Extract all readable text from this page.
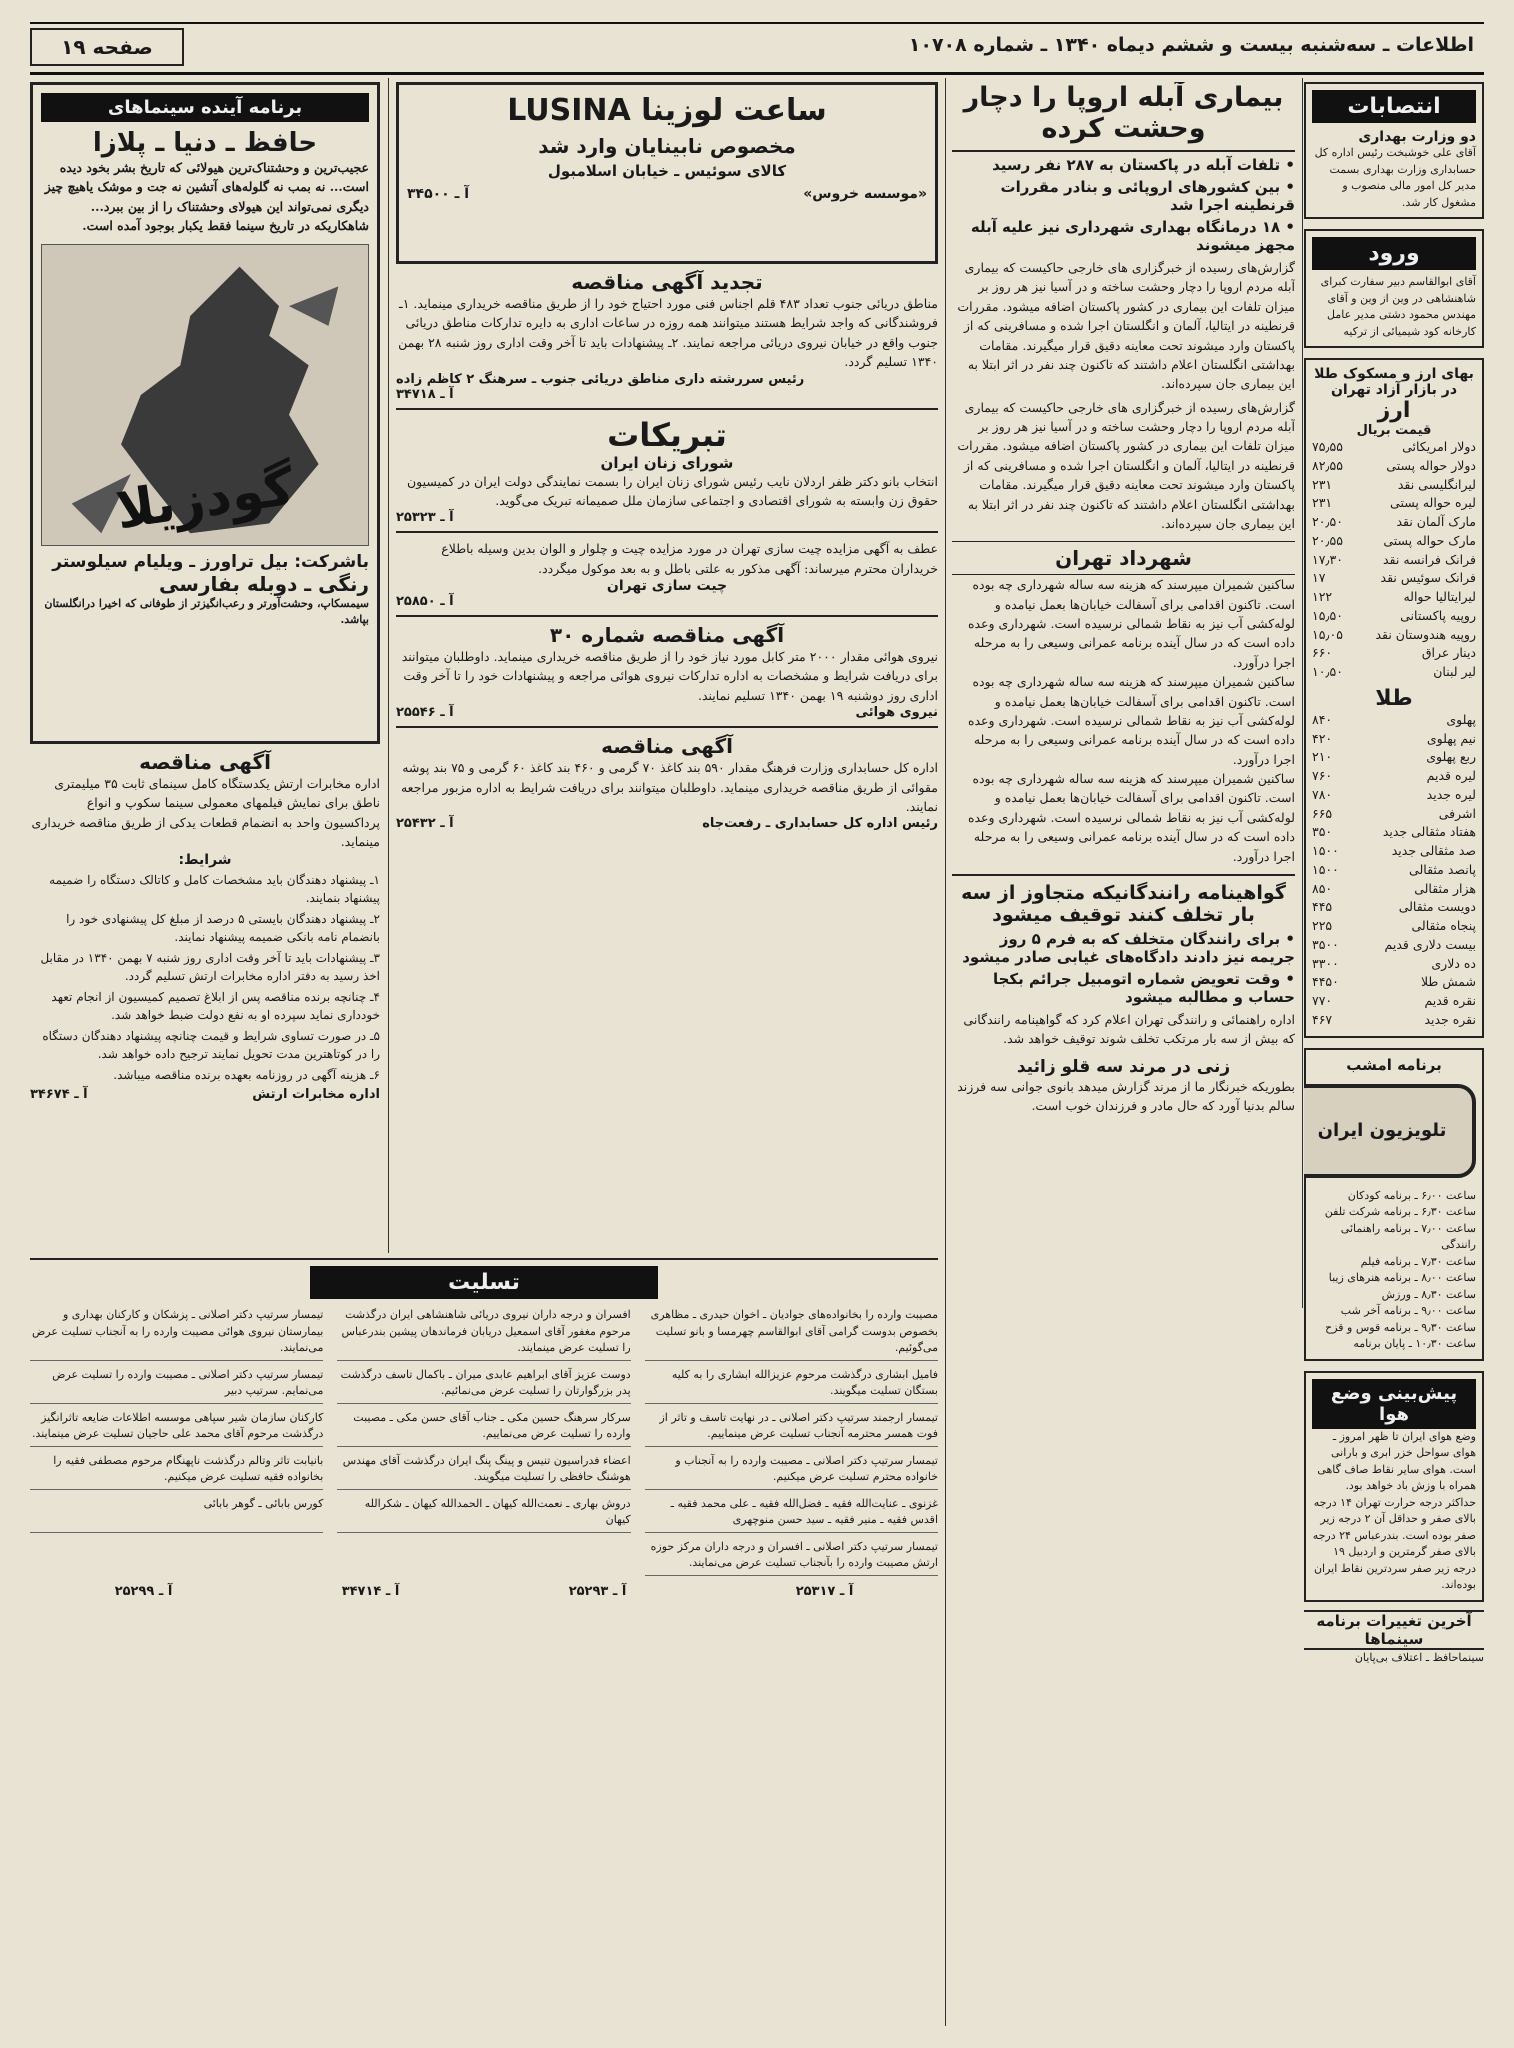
اطلاعات ـ سه‌شنبه بیست و ششم دیماه ۱۳۴۰ ـ شماره ۱۰۷۰۸
صفحه ۱۹
انتصابات
دو وزارت بهداری
آقای علی خوشبخت رئیس اداره کل حسابداری وزارت بهداری بسمت مدیر کل امور مالی منصوب و مشغول کار شد.
ورود
آقای ابوالقاسم دبیر سفارت کبرای شاهنشاهی در وین از وین و آقای مهندس محمود دشتی مدیر عامل کارخانه کود شیمیائی از ترکیه
بهای ارز و مسکوک طلا در بازار آزاد تهران
ارز
قیمت بریال
دولار امریکائی
۷۵٫۵۵
دولار حواله پستی
۸۲٫۵۵
لیرانگلیسی نقد
۲۳۱
لیره حواله پستی
۲۳۱
مارک آلمان نقد
۲۰٫۵۰
مارک حواله پستی
۲۰٫۵۵
فرانک فرانسه نقد
۱۷٫۳۰
فرانک سوئیس نقد
۱۷
لیرایتالیا حواله
۱۲۲
روپیه پاکستانی
۱۵٫۵۰
روپیه هندوستان نقد
۱۵٫۰۵
دینار عراق
۶۶۰
لیر لبنان
۱۰٫۵۰
طلا
پهلوی
۸۴۰
نیم پهلوی
۴۲۰
ربع پهلوی
۲۱۰
لیره قدیم
۷۶۰
لیره جدید
۷۸۰
اشرفی
۶۶۵
هفتاد مثقالی جدید
۳۵۰
صد مثقالی جدید
۱۵۰۰
پانصد مثقالی
۱۵۰۰
هزار مثقالی
۸۵۰
دویست مثقالی
۴۴۵
پنجاه مثقالی
۲۲۵
بیست دلاری قدیم
۳۵۰۰
ده دلاری
۳۳۰۰
شمش طلا
۴۴۵۰
نقره قدیم
۷۷۰
نقره جدید
۴۶۷
برنامه امشب
تلویزیون ایران
ساعت ۶٫۰۰ ـ برنامه کودکان
ساعت ۶٫۳۰ ـ برنامه شرکت تلفن
ساعت ۷٫۰۰ ـ برنامه راهنمائی رانندگی
ساعت ۷٫۳۰ ـ برنامه فیلم
ساعت ۸٫۰۰ ـ برنامه هنرهای زیبا
ساعت ۸٫۳۰ ـ ورزش
ساعت ۹٫۰۰ ـ برنامه آخر شب
ساعت ۹٫۳۰ ـ برنامه قوس و قزح
ساعت ۱۰٫۳۰ ـ پایان برنامه
پیش‌بینی وضع هوا
وضع هوای ایران تا ظهر امروز ـ هوای سواحل خزر ابری و بارانی است. هوای سایر نقاط صاف گاهی همراه با وزش باد خواهد بود. حداکثر درجه حرارت تهران ۱۴ درجه بالای صفر و حداقل آن ۲ درجه زیر صفر بوده است. بندرعباس ۲۴ درجه بالای صفر گرمترین و اردبیل ۱۹ درجه زیر صفر سردترین نقاط ایران بوده‌اند.
آخرین تغییرات برنامه سینماها
سینماحافظ ـ اعتلاف بی‌پایان
بیماری آبله اروپا را دچار وحشت کرده
• تلفات آبله در پاکستان به ۲۸۷ نفر رسید
• بین کشورهای اروپائی و بنادر مقررات قرنطینه اجرا شد
• ۱۸ درمانگاه بهداری شهرداری نیز علیه آبله مجهز میشوند
گزارش‌های رسیده از خبرگزاری های خارجی حاکیست که بیماری آبله مردم اروپا را دچار وحشت ساخته و در آسیا نیز هر روز بر میزان تلفات این بیماری در کشور پاکستان اضافه میشود. مقررات قرنطینه در ایتالیا، آلمان و انگلستان اجرا شده و مسافرینی که از پاکستان وارد میشوند تحت معاینه دقیق قرار میگیرند. مقامات بهداشتی انگلستان اعلام داشتند که تاکنون چند نفر در اثر ابتلا به این بیماری جان سپرده‌اند.
گزارش‌های رسیده از خبرگزاری های خارجی حاکیست که بیماری آبله مردم اروپا را دچار وحشت ساخته و در آسیا نیز هر روز بر میزان تلفات این بیماری در کشور پاکستان اضافه میشود. مقررات قرنطینه در ایتالیا، آلمان و انگلستان اجرا شده و مسافرینی که از پاکستان وارد میشوند تحت معاینه دقیق قرار میگیرند. مقامات بهداشتی انگلستان اعلام داشتند که تاکنون چند نفر در اثر ابتلا به این بیماری جان سپرده‌اند.
شهرداد تهران
ساکنین شمیران میپرسند که هزینه سه ساله شهرداری چه بوده است. تاکنون اقدامی برای آسفالت خیابان‌ها بعمل نیامده و لوله‌کشی آب نیز به نقاط شمالی نرسیده است. شهرداری وعده داده است که در سال آینده برنامه عمرانی وسیعی را به مرحله اجرا درآورد.
ساکنین شمیران میپرسند که هزینه سه ساله شهرداری چه بوده است. تاکنون اقدامی برای آسفالت خیابان‌ها بعمل نیامده و لوله‌کشی آب نیز به نقاط شمالی نرسیده است. شهرداری وعده داده است که در سال آینده برنامه عمرانی وسیعی را به مرحله اجرا درآورد.
ساکنین شمیران میپرسند که هزینه سه ساله شهرداری چه بوده است. تاکنون اقدامی برای آسفالت خیابان‌ها بعمل نیامده و لوله‌کشی آب نیز به نقاط شمالی نرسیده است. شهرداری وعده داده است که در سال آینده برنامه عمرانی وسیعی را به مرحله اجرا درآورد.
گواهینامه رانندگانیکه متجاوز از سه بار تخلف کنند توقیف میشود
• برای رانندگان متخلف که به فرم ۵ روز جریمه نیز دادند دادگاه‌های غیابی صادر میشود
• وقت تعویض شماره اتومبیل جرائم بکجا حساب و مطالبه میشود
اداره راهنمائی و رانندگی تهران اعلام کرد که گواهینامه رانندگانی که بیش از سه بار مرتکب تخلف شوند توقیف خواهد شد.
زنی در مرند سه قلو زائید
بطوریکه خبرنگار ما از مرند گزارش میدهد بانوی جوانی سه فرزند سالم بدنیا آورد که حال مادر و فرزندان خوب است.
ساعت لوزینا LUSINA
مخصوص نابینایان وارد شد
کالای سوئیس ـ خیابان اسلامبول
«موسسه خروس»
آ ـ ۳۴۵۰۰
تجدید آگهی مناقصه
مناطق دریائی جنوب تعداد ۴۸۳ قلم اجناس فنی مورد احتیاج خود را از طریق مناقصه خریداری مینماید. ۱ـ فروشندگانی که واجد شرایط هستند میتوانند همه روزه در ساعات اداری به دایره تدارکات مناطق دریائی جنوب واقع در خیابان نیروی دریائی مراجعه نمایند. ۲ـ پیشنهادات باید تا آخر وقت اداری روز شنبه ۲۸ بهمن ۱۳۴۰ تسلیم گردد.
رئیس سررشته داری مناطق دریائی جنوب ـ سرهنگ ۲ کاظم زاده
آ ـ ۳۴۷۱۸
تبریکات
شورای زنان ایران
انتخاب بانو دکتر ظفر اردلان نایب رئیس شورای زنان ایران را بسمت نمایندگی دولت ایران در کمیسیون حقوق زن وابسته به شورای اقتصادی و اجتماعی سازمان ملل صمیمانه تبریک می‌گوید.
آ ـ ۲۵۳۲۳
عطف به آگهی مزایده چیت سازی تهران در مورد مزایده چیت و چلوار و الوان بدین وسیله باطلاع خریداران محترم میرساند: آگهی مذکور به علتی باطل و به بعد موکول میگردد.
چیت سازی تهران
آ ـ ۲۵۸۵۰
آگهی مناقصه شماره ۳۰
نیروی هوائی مقدار ۲۰۰۰ متر کابل مورد نیاز خود را از طریق مناقصه خریداری مینماید. داوطلبان میتوانند برای دریافت شرایط و مشخصات به اداره تدارکات نیروی هوائی مراجعه و پیشنهادات خود را تا آخر وقت اداری روز دوشنبه ۱۹ بهمن ۱۳۴۰ تسلیم نمایند.
نیروی هوائی
آ ـ ۲۵۵۴۶
آگهی مناقصه
اداره کل حسابداری وزارت فرهنگ مقدار ۵۹۰ بند کاغذ ۷۰ گرمی و ۴۶۰ بند کاغذ ۶۰ گرمی و ۷۵ بند پوشه مقوائی از طریق مناقصه خریداری مینماید. داوطلبان میتوانند برای دریافت شرایط به اداره مزبور مراجعه نمایند.
رئیس اداره کل حسابداری ـ رفعت‌جاه
آ ـ ۲۵۴۳۲
برنامه آینده سینماهای
حافظ ـ دنیا ـ پلازا
عجیب‌ترین و وحشتناک‌ترین هیولائی که تاریخ بشر بخود دیده است... نه بمب نه گلوله‌های آتشین نه جت و موشک یاهیچ چیز دیگری نمی‌تواند این هیولای وحشتناک را از بین ببرد... شاهکاریکه در تاریخ سینما فقط یکبار بوجود آمده است.
گودزیلا
باشرکت: بیل تراورز ـ ویلیام سیلوستر
رنگی ـ دوبله بفارسی
سیمسکاپ، وحشت‌آورتر و رعب‌انگیزتر از طوفانی که اخیرا درانگلستان بپاشد.
آگهی مناقصه
اداره مخابرات ارتش یکدستگاه کامل سینمای ثابت ۳۵ میلیمتری ناطق برای نمایش فیلمهای معمولی سینما سکوپ و انواع پرداکسیون واحد به انضمام قطعات یدکی از طریق مناقصه خریداری مینماید.
شرایط:
۱ـ پیشنهاد دهندگان باید مشخصات کامل و کاتالک دستگاه را ضمیمه پیشنهاد بنمایند.
۲ـ پیشنهاد دهندگان بایستی ۵ درصد از مبلغ کل پیشنهادی خود را بانضمام نامه بانکی ضمیمه پیشنهاد نمایند.
۳ـ پیشنهادات باید تا آخر وقت اداری روز شنبه ۷ بهمن ۱۳۴۰ در مقابل اخذ رسید به دفتر اداره مخابرات ارتش تسلیم گردد.
۴ـ چنانچه برنده مناقصه پس از ابلاغ تصمیم کمیسیون از انجام تعهد خودداری نماید سپرده او به نفع دولت ضبط خواهد شد.
۵ـ در صورت تساوی شرایط و قیمت چنانچه پیشنهاد دهندگان دستگاه را در کوتاهترین مدت تحویل نمایند ترجیح داده خواهد شد.
۶ـ هزینه آگهی در روزنامه بعهده برنده مناقصه میباشد.
اداره مخابرات ارتش
آ ـ ۳۴۶۷۴
تسلیت
مصیبت وارده را بخانواده‌های جوادیان ـ اخوان حیدری ـ مظاهری بخصوص بدوست گرامی آقای ابوالقاسم چهرمسا و بانو تسلیت می‌گوئیم.
افسران و درجه داران نیروی دریائی شاهنشاهی ایران درگذشت مرحوم مغفور آقای اسمعیل دریابان فرماندهان پیشین بندرعباس را تسلیت عرض مینمایند.
تیمسار سرتیپ دکتر اصلانی ـ پزشکان و کارکنان بهداری و بیمارستان نیروی هوائی مصیبت وارده را به آنجناب تسلیت عرض می‌نمایند.
فامیل ابشاری درگذشت مرحوم عزیزالله ابشاری را به کلیه بستگان تسلیت میگویند.
دوست عزیز آقای ابراهیم عابدی میران ـ باکمال تاسف درگذشت پدر بزرگوارتان را تسلیت عرض می‌نمائیم.
تیمسار سرتیپ دکتر اصلانی ـ مصیبت وارده را تسلیت عرض می‌نمایم. سرتیپ دبیر
تیمسار ارجمند سرتیپ دکتر اصلانی ـ در نهایت تاسف و تاثر از فوت همسر محترمه آنجناب تسلیت عرض مینماییم.
سرکار سرهنگ حسین مکی ـ جناب آقای حسن مکی ـ مصیبت وارده را تسلیت عرض می‌نماییم.
کارکنان سازمان شیر سپاهی موسسه اطلاعات ضایعه تاثرانگیز درگذشت مرحوم آقای محمد علی حاجیان تسلیت عرض مینمایند.
تیمسار سرتیپ دکتر اصلانی ـ مصیبت وارده را به آنجناب و خانواده محترم تسلیت عرض میکنیم.
اعضاء فدراسیون تنیس و پینگ پنگ ایران درگذشت آقای مهندس هوشنگ حافظی را تسلیت میگویند.
بانیابت تاثر وتالم درگذشت ناپهنگام مرحوم مصطفی فقیه را بخانواده فقیه تسلیت عرض میکنیم.
غزنوی ـ عنایت‌الله فقیه ـ فضل‌الله فقیه ـ علی محمد فقیه ـ اقدس فقیه ـ منیر فقیه ـ سید حسن منوچهری
دروش بهاری ـ نعمت‌الله کیهان ـ الحمدالله کیهان ـ شکرالله کیهان
کورس بابائی ـ گوهر بابائی
تیمسار سرتیپ دکتر اصلانی ـ افسران و درجه داران مرکز حوزه ارتش مصیبت وارده را بآنجناب تسلیت عرض می‌نمایند.
آ ـ ۲۵۳۱۷
آ ـ ۲۵۲۹۳
آ ـ ۳۴۷۱۴
آ ـ ۲۵۲۹۹
